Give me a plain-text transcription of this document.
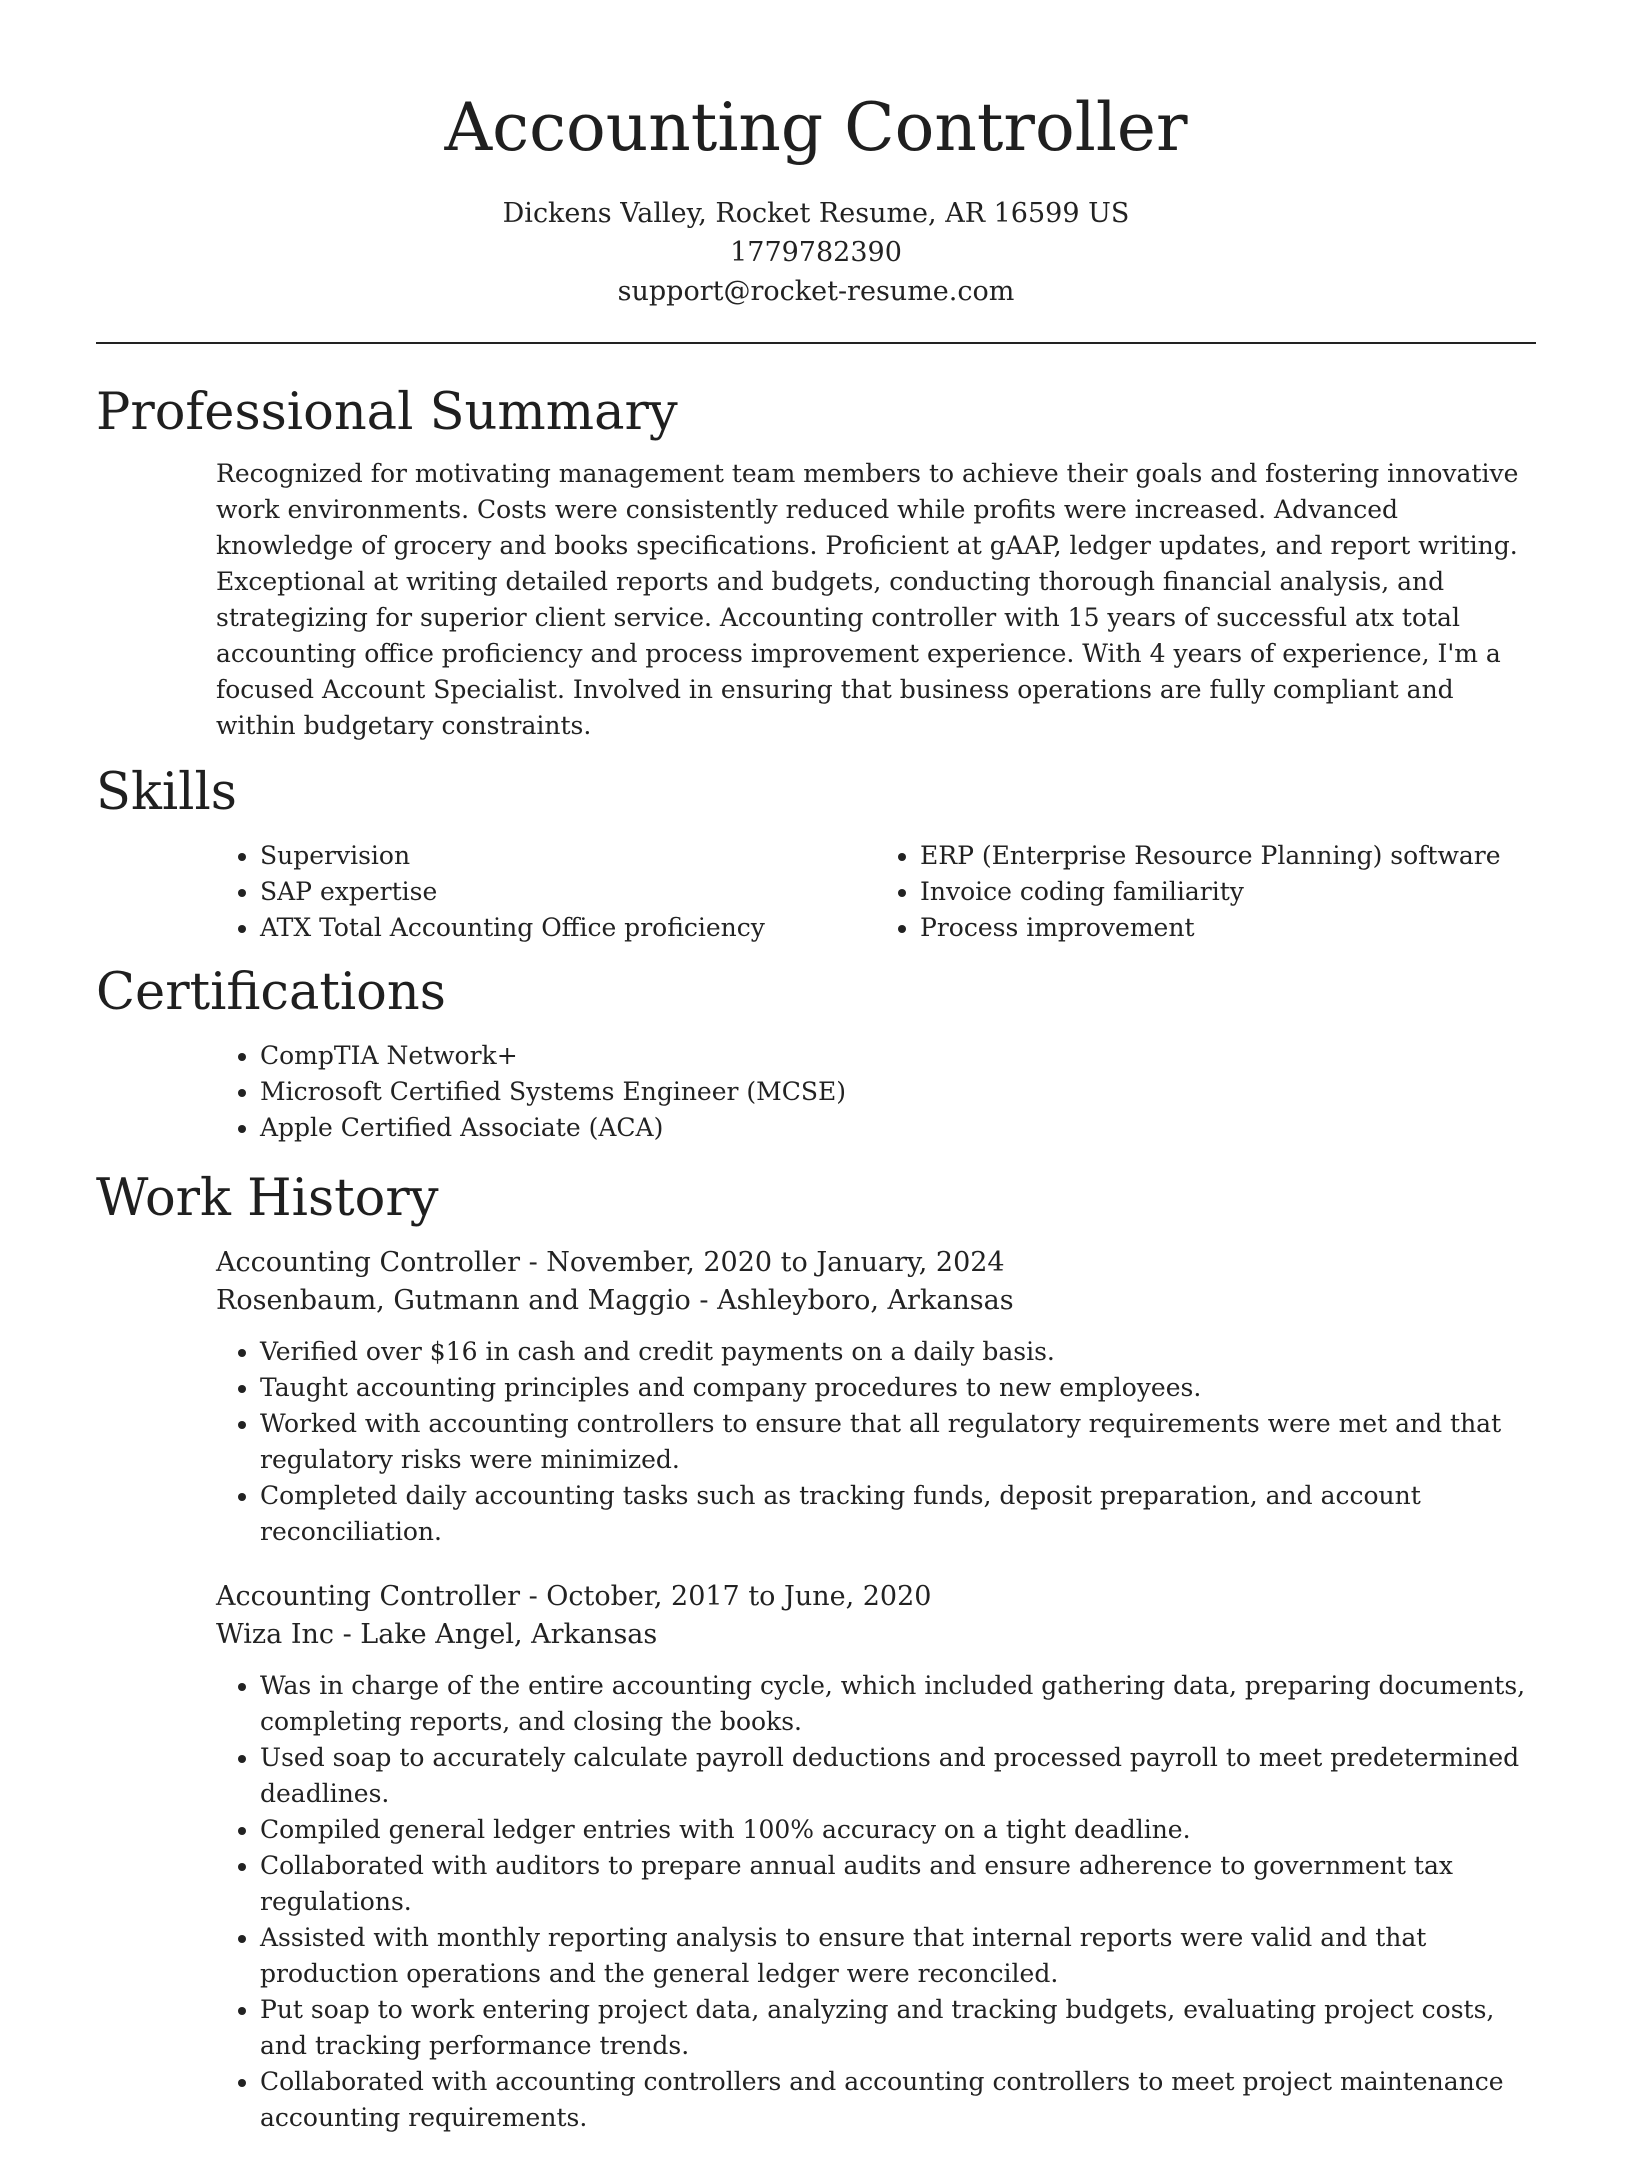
Accounting Controller
Dickens Valley, Rocket Resume, AR 16599 US
1779782390
support@rocket-resume.com
Professional Summary

Recognized for motivating management team members to achieve their goals and fostering innovative work environments. Costs were consistently reduced while profits were increased. Advanced knowledge of grocery and books specifications. Proficient at gAAP, ledger updates, and report writing. Exceptional at writing detailed reports and budgets, conducting thorough financial analysis, and strategizing for superior client service. Accounting controller with 15 years of successful atx total accounting office proficiency and process improvement experience. With 4 years of experience, I'm a focused Account Specialist. Involved in ensuring that business operations are fully compliant and within budgetary constraints.

Skills
• Supervision
• SAP expertise
• ATX Total Accounting Office proficiency
• ERP (Enterprise Resource Planning) software
• Invoice coding familiarity
• Process improvement
Certifications
• CompTIA Network+
• Microsoft Certified Systems Engineer (MCSE)
• Apple Certified Associate (ACA)
Work History
Accounting Controller - November, 2020 to January, 2024
Rosenbaum, Gutmann and Maggio - Ashleyboro, Arkansas
• Verified over $16 in cash and credit payments on a daily basis.
• Taught accounting principles and company procedures to new employees.
• Worked with accounting controllers to ensure that all regulatory requirements were met and that regulatory risks were minimized.
• Completed daily accounting tasks such as tracking funds, deposit preparation, and account reconciliation.
Accounting Controller - October, 2017 to June, 2020
Wiza Inc - Lake Angel, Arkansas
• Was in charge of the entire accounting cycle, which included gathering data, preparing documents, completing reports, and closing the books.
• Used soap to accurately calculate payroll deductions and processed payroll to meet predetermined deadlines.
• Compiled general ledger entries with 100% accuracy on a tight deadline.
• Collaborated with auditors to prepare annual audits and ensure adherence to government tax regulations.
• Assisted with monthly reporting analysis to ensure that internal reports were valid and that production operations and the general ledger were reconciled.
• Put soap to work entering project data, analyzing and tracking budgets, evaluating project costs, and tracking performance trends.
• Collaborated with accounting controllers and accounting controllers to meet project maintenance accounting requirements.
